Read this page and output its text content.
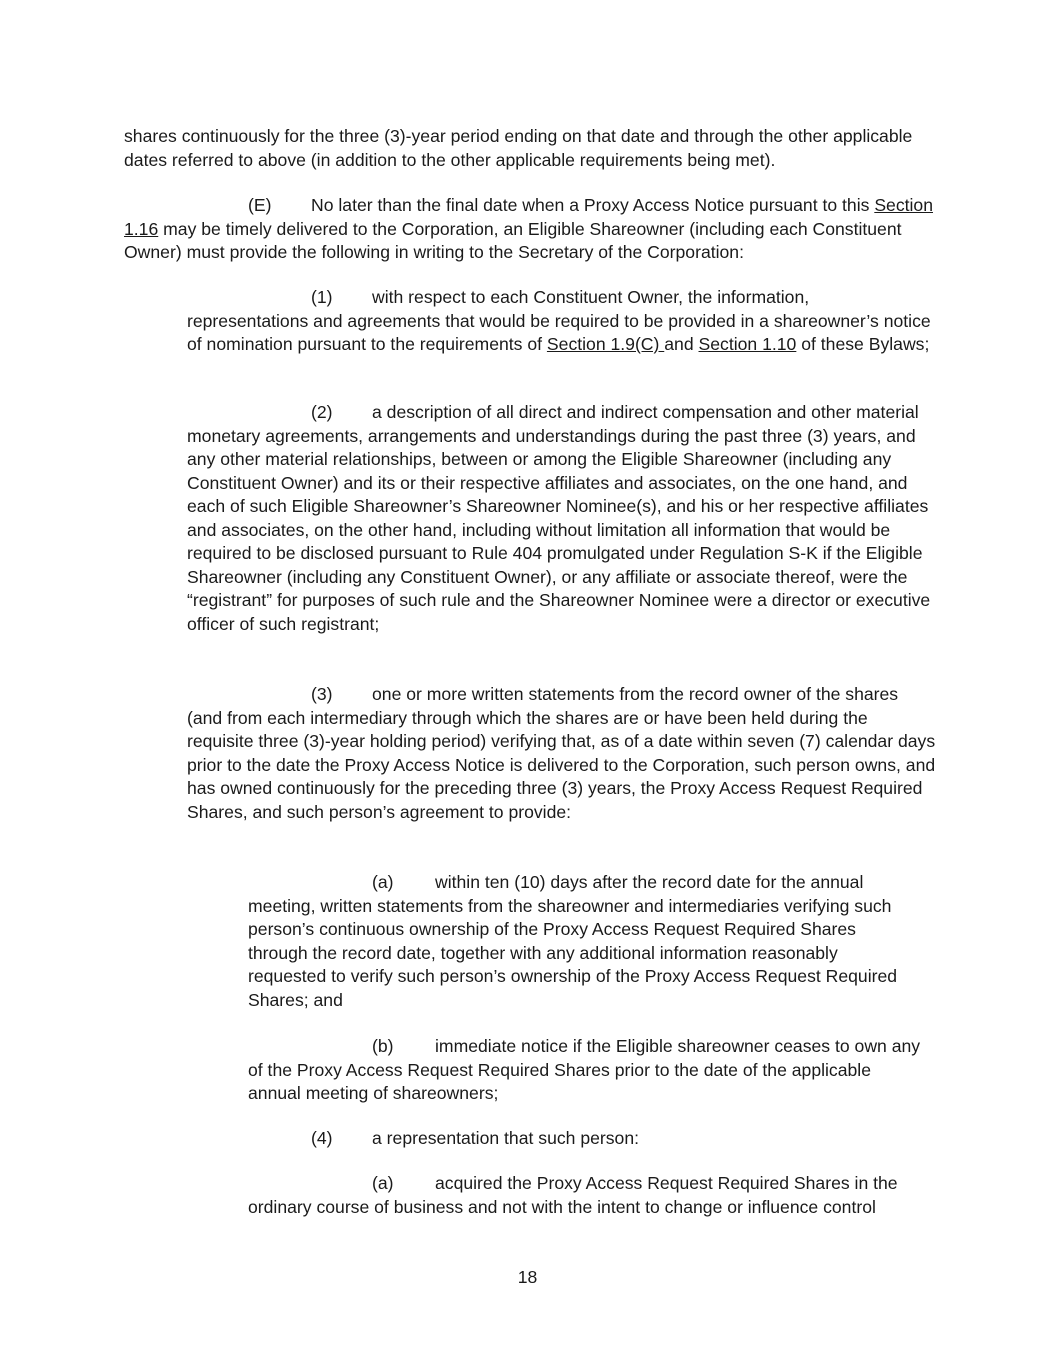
shares continuously for the three (3)-year period ending on that date and through the other applicable dates referred to above (in addition to the other applicable requirements being met).

(E) No later than the final date when a Proxy Access Notice pursuant to this Section 1.16 may be timely delivered to the Corporation, an Eligible Shareowner (including each Constituent Owner) must provide the following in writing to the Secretary of the Corporation:

(1) with respect to each Constituent Owner, the information, representations and agreements that would be required to be provided in a shareowner’s notice of nomination pursuant to the requirements of Section 1.9(C) and Section 1.10 of these Bylaws;

(2) a description of all direct and indirect compensation and other material monetary agreements, arrangements and understandings during the past three (3) years, and any other material relationships, between or among the Eligible Shareowner (including any Constituent Owner) and its or their respective affiliates and associates, on the one hand, and each of such Eligible Shareowner’s Shareowner Nominee(s), and his or her respective affiliates and associates, on the other hand, including without limitation all information that would be required to be disclosed pursuant to Rule 404 promulgated under Regulation S-K if the Eligible Shareowner (including any Constituent Owner), or any affiliate or associate thereof, were the “registrant” for purposes of such rule and the Shareowner Nominee were a director or executive officer of such registrant;

(3) one or more written statements from the record owner of the shares (and from each intermediary through which the shares are or have been held during the requisite three (3)-year holding period) verifying that, as of a date within seven (7) calendar days prior to the date the Proxy Access Notice is delivered to the Corporation, such person owns, and has owned continuously for the preceding three (3) years, the Proxy Access Request Required Shares, and such person’s agreement to provide:

(a) within ten (10) days after the record date for the annual meeting, written statements from the shareowner and intermediaries verifying such person’s continuous ownership of the Proxy Access Request Required Shares through the record date, together with any additional information reasonably requested to verify such person’s ownership of the Proxy Access Request Required Shares; and

(b) immediate notice if the Eligible shareowner ceases to own any of the Proxy Access Request Required Shares prior to the date of the applicable annual meeting of shareowners;

(4) a representation that such person:

(a) acquired the Proxy Access Request Required Shares in the ordinary course of business and not with the intent to change or influence control

18
